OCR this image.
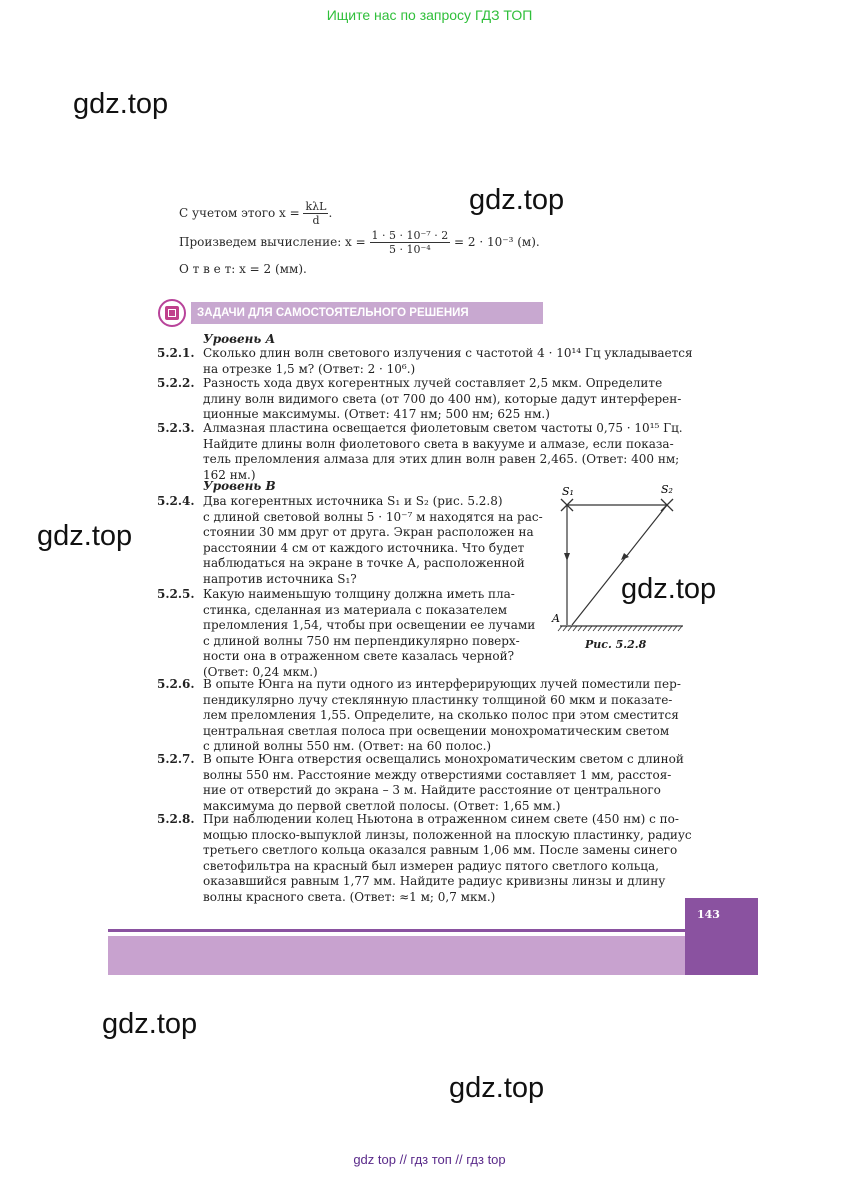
Ищите нас по запросу ГДЗ ТОП
gdz.top
gdz.top
gdz.top
gdz.top
gdz.top
gdz.top
С учетом этого $x = \frac{\text{kλL}}{d}$ .
Произведем вычисление: $x = \frac{\text{1 · 5 · 10⁻⁷ · 2}}{\text{5 · 10⁻⁴}} = 2 \cdot 10^{-3}$ (м).
О т в е т: x = 2 (мм).
ЗАДАЧИ ДЛЯ САМОСТОЯТЕЛЬНОГО РЕШЕНИЯ
Уровень А
Уровень В	S₁	S₂
A
Рис. 5.2.8
143
gdz top // гдз топ // гдз top
5.2.1. Сколько длин волн светового излучения с частотой 4 · 10¹⁴ Гц укладывается
на отрезке 1,5 м? (Ответ: 2 · 10⁶.)
5.2.2. Разность хода двух когерентных лучей составляет 2,5 мкм. Определите
длину волн видимого света (от 700 до 400 нм), которые дадут интерферен-
ционные максимумы. (Ответ: 417 нм; 500 нм; 625 нм.)
5.2.3. Алмазная пластина освещается фиолетовым светом частоты 0,75 · 10¹⁵ Гц.
Найдите длины волн фиолетового света в вакууме и алмазе, если показа-
тель преломления алмаза для этих длин волн равен 2,465. (Ответ: 400 нм;
162 нм.)
5.2.4. Два когерентных источника S₁ и S₂ (рис. 5.2.8)
с длиной световой волны 5 · 10⁻⁷ м находятся на рас-
стоянии 30 мм друг от друга. Экран расположен на
расстоянии 4 см от каждого источника. Что будет
наблюдаться на экране в точке А, расположенной
напротив источника S₁?
5.2.5. Какую наименьшую толщину должна иметь пла-
стинка, сделанная из материала с показателем
преломления 1,54, чтобы при освещении ее лучами
с длиной волны 750 нм перпендикулярно поверх-
ности она в отраженном свете казалась черной?
(Ответ: 0,24 мкм.)
5.2.6. В опыте Юнга на пути одного из интерферирующих лучей поместили пер-
пендикулярно лучу стеклянную пластинку толщиной 60 мкм и показате-
лем преломления 1,55. Определите, на сколько полос при этом сместится
центральная светлая полоса при освещении монохроматическим светом
с длиной волны 550 нм. (Ответ: на 60 полос.)
5.2.7. В опыте Юнга отверстия освещались монохроматическим светом с длиной
волны 550 нм. Расстояние между отверстиями составляет 1 мм, расстоя-
ние от отверстий до экрана – 3 м. Найдите расстояние от центрального
максимума до первой светлой полосы. (Ответ: 1,65 мм.)
5.2.8. При наблюдении колец Ньютона в отраженном синем свете (450 нм) с по-
мощью плоско-выпуклой линзы, положенной на плоскую пластинку, радиус
третьего светлого кольца оказался равным 1,06 мм. После замены синего
светофильтра на красный был измерен радиус пятого светлого кольца,
оказавшийся равным 1,77 мм. Найдите радиус кривизны линзы и длину
волны красного света. (Ответ: ≈1 м; 0,7 мкм.)
